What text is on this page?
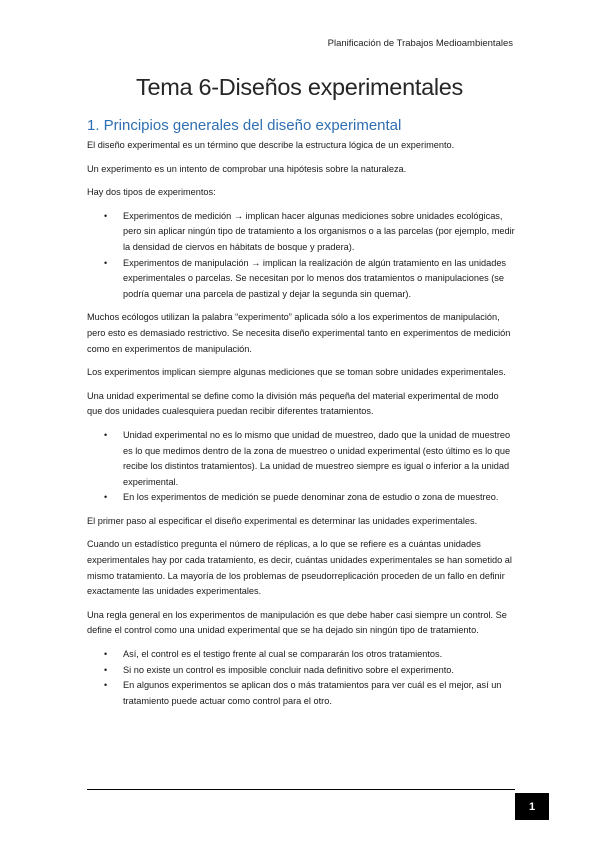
Planificación de Trabajos Medioambientales
Tema 6-Diseños experimentales
1. Principios generales del diseño experimental

El diseño experimental es un término que describe la estructura lógica de un experimento.

Un experimento es un intento de comprobar una hipótesis sobre la naturaleza.

Hay dos tipos de experimentos:

• Experimentos de medición → implican hacer algunas mediciones sobre unidades ecológicas, pero sin aplicar ningún tipo de tratamiento a los organismos o a las parcelas (por ejemplo, medir la densidad de ciervos en hábitats de bosque y pradera).
• Experimentos de manipulación → implican la realización de algún tratamiento en las unidades experimentales o parcelas. Se necesitan por lo menos dos tratamientos o manipulaciones (se podría quemar una parcela de pastizal y dejar la segunda sin quemar).

Muchos ecólogos utilizan la palabra “experimento” aplicada sólo a los experimentos de manipulación, pero esto es demasiado restrictivo. Se necesita diseño experimental tanto en experimentos de medición como en experimentos de manipulación.

Los experimentos implican siempre algunas mediciones que se toman sobre unidades experimentales.

Una unidad experimental se define como la división más pequeña del material experimental de modo que dos unidades cualesquiera puedan recibir diferentes tratamientos.

• Unidad experimental no es lo mismo que unidad de muestreo, dado que la unidad de muestreo es lo que medimos dentro de la zona de muestreo o unidad experimental (esto último es lo que recibe los distintos tratamientos). La unidad de muestreo siempre es igual o inferior a la unidad experimental.
• En los experimentos de medición se puede denominar zona de estudio o zona de muestreo.

El primer paso al especificar el diseño experimental es determinar las unidades experimentales.

Cuando un estadístico pregunta el número de réplicas, a lo que se refiere es a cuántas unidades experimentales hay por cada tratamiento, es decir, cuántas unidades experimentales se han sometido al mismo tratamiento. La mayoría de los problemas de pseudorreplicación proceden de un fallo en definir exactamente las unidades experimentales.

Una regla general en los experimentos de manipulación es que debe haber casi siempre un control. Se define el control como una unidad experimental que se ha dejado sin ningún tipo de tratamiento.

• Así, el control es el testigo frente al cual se compararán los otros tratamientos.
• Si no existe un control es imposible concluir nada definitivo sobre el experimento.
• En algunos experimentos se aplican dos o más tratamientos para ver cuál es el mejor, así un tratamiento puede actuar como control para el otro.
1
